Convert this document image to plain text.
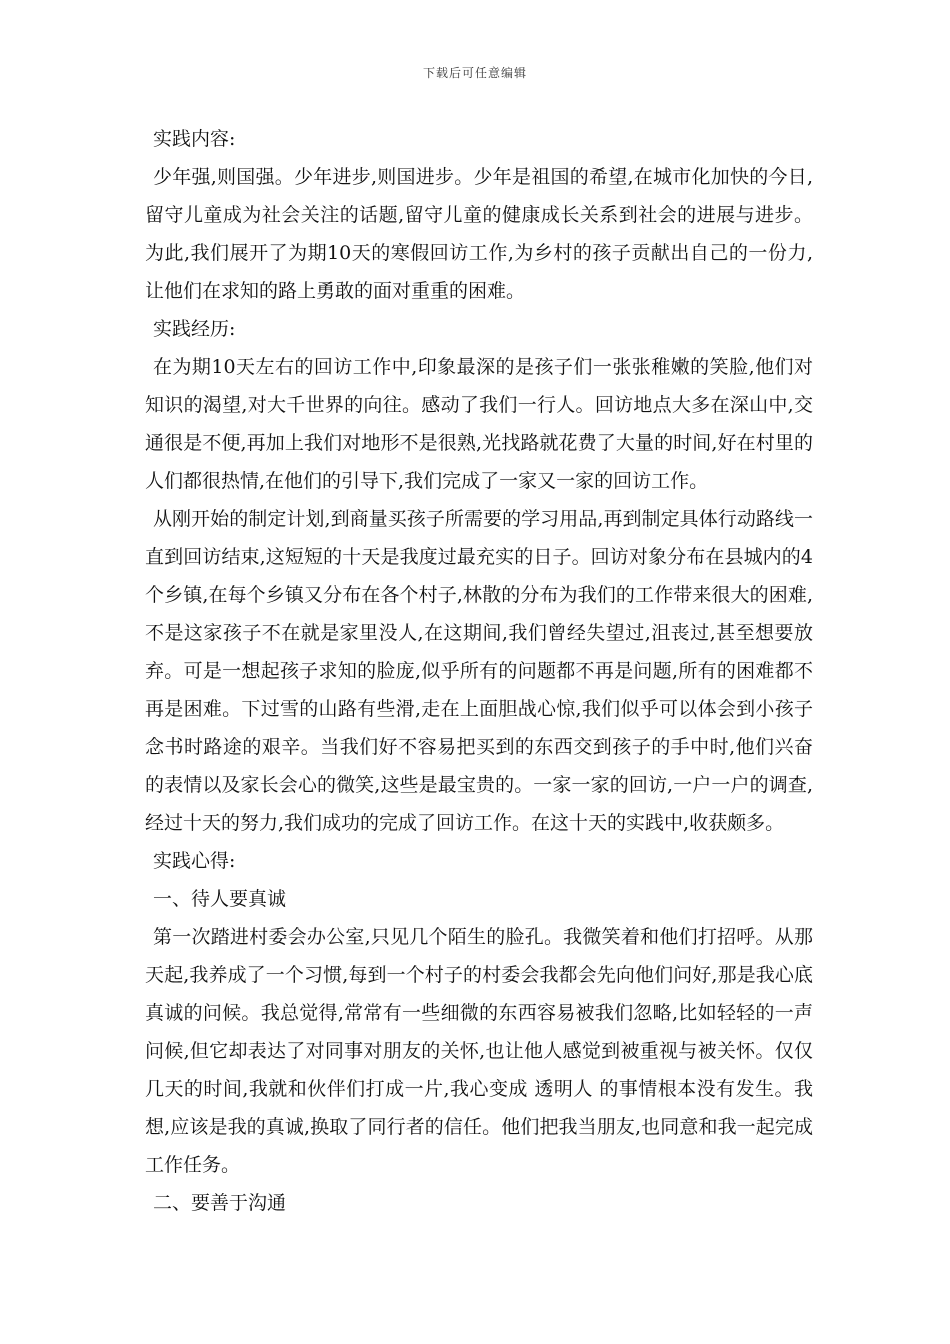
下载后可任意编辑

实践内容:

少年强,则国强。少年进步,则国进步。少年是祖国的希望,在城市化加快的今日,留守儿童成为社会关注的话题,留守儿童的健康成长关系到社会的进展与进步。为此,我们展开了为期10天的寒假回访工作,为乡村的孩子贡献出自己的一份力,让他们在求知的路上勇敢的面对重重的困难。

实践经历:

在为期10天左右的回访工作中,印象最深的是孩子们一张张稚嫩的笑脸,他们对知识的渴望,对大千世界的向往。感动了我们一行人。回访地点大多在深山中,交通很是不便,再加上我们对地形不是很熟,光找路就花费了大量的时间,好在村里的人们都很热情,在他们的引导下,我们完成了一家又一家的回访工作。

从刚开始的制定计划,到商量买孩子所需要的学习用品,再到制定具体行动路线一直到回访结束,这短短的十天是我度过最充实的日子。回访对象分布在县城内的4个乡镇,在每个乡镇又分布在各个村子,林散的分布为我们的工作带来很大的困难,不是这家孩子不在就是家里没人,在这期间,我们曾经失望过,沮丧过,甚至想要放弃。可是一想起孩子求知的脸庞,似乎所有的问题都不再是问题,所有的困难都不再是困难。下过雪的山路有些滑,走在上面胆战心惊,我们似乎可以体会到小孩子念书时路途的艰辛。当我们好不容易把买到的东西交到孩子的手中时,他们兴奋的表情以及家长会心的微笑,这些是最宝贵的。一家一家的回访,一户一户的调查,经过十天的努力,我们成功的完成了回访工作。在这十天的实践中,收获颇多。

实践心得:

一、待人要真诚

第一次踏进村委会办公室,只见几个陌生的脸孔。我微笑着和他们打招呼。从那天起,我养成了一个习惯,每到一个村子的村委会我都会先向他们问好,那是我心底真诚的问候。我总觉得,常常有一些细微的东西容易被我们忽略,比如轻轻的一声问候,但它却表达了对同事对朋友的关怀,也让他人感觉到被重视与被关怀。仅仅几天的时间,我就和伙伴们打成一片,我心变成 透明人 的事情根本没有发生。我想,应该是我的真诚,换取了同行者的信任。他们把我当朋友,也同意和我一起完成工作任务。

二、要善于沟通
